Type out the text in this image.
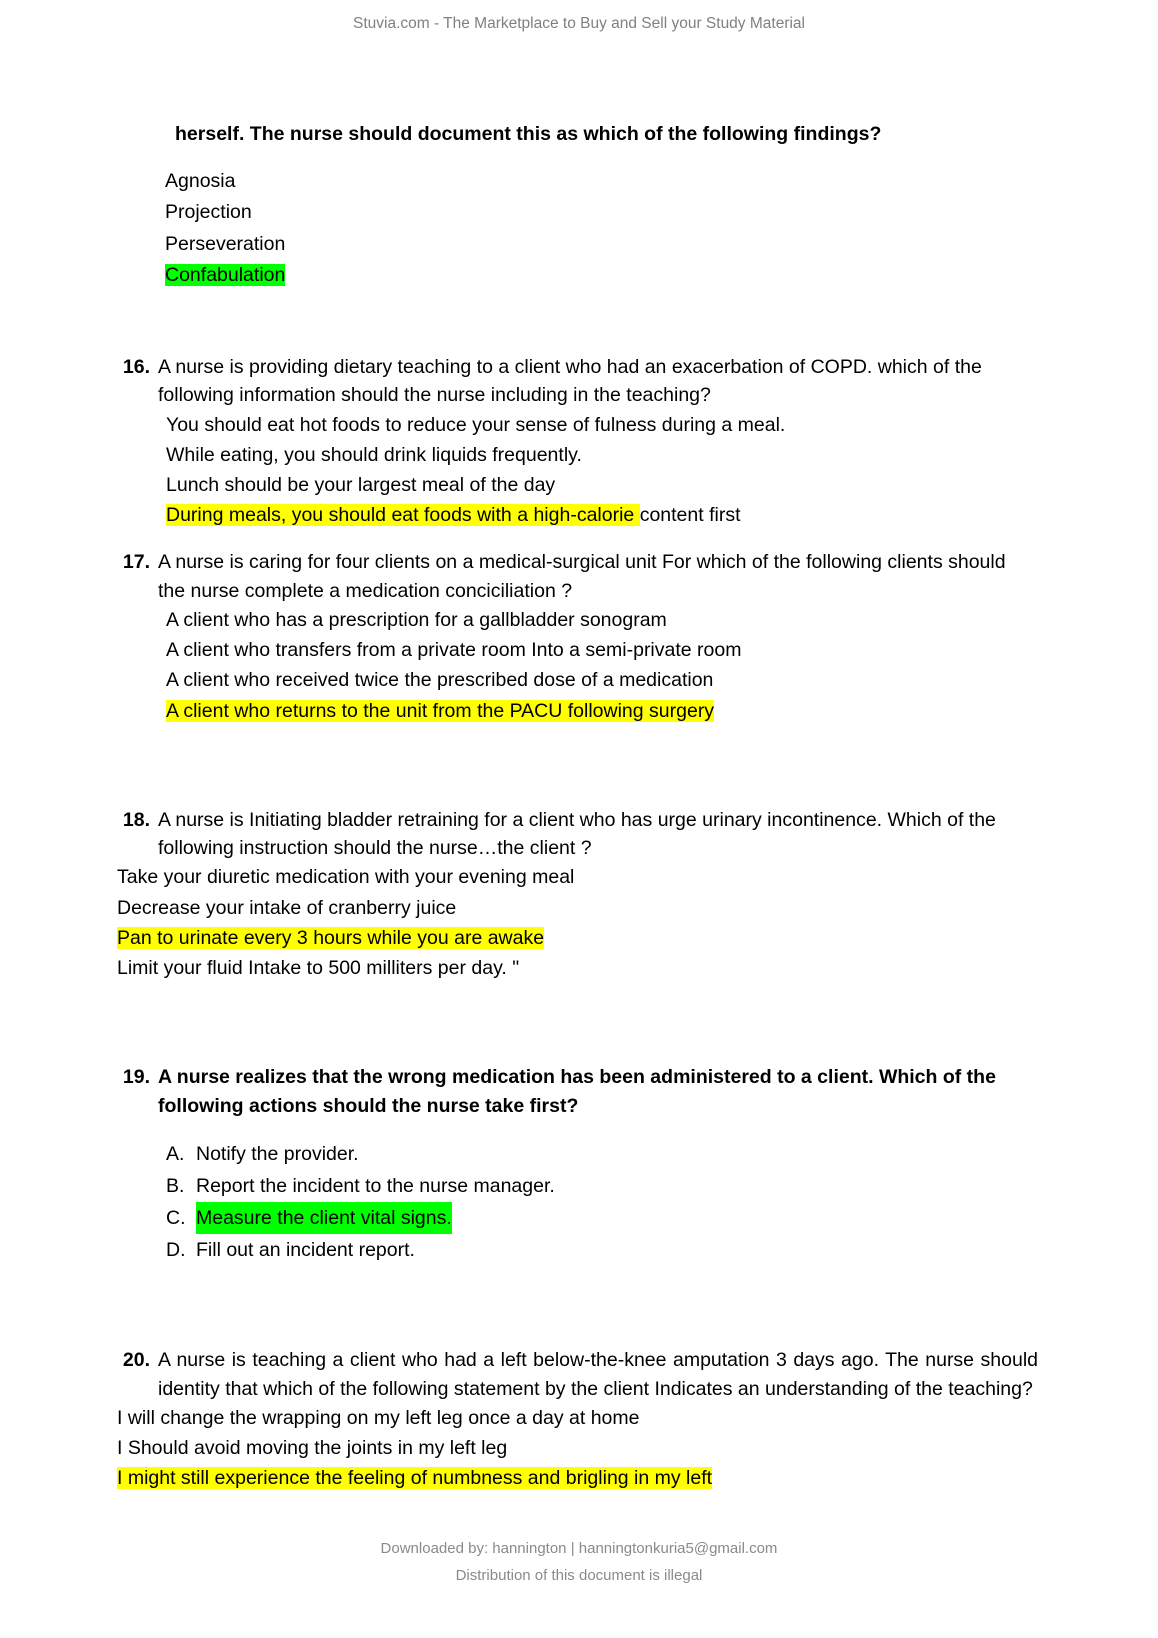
Stuvia.com - The Marketplace to Buy and Sell your Study Material
herself. The nurse should document this as which of the following findings?
Agnosia
Projection
Perseveration
Confabulation
16. A nurse is providing dietary teaching to a client who had an exacerbation of COPD. which of the following information should the nurse including in the teaching?
You should eat hot foods to reduce your sense of fulness during a meal.
While eating, you should drink liquids frequently.
Lunch should be your largest meal of the day
During meals, you should eat foods with a high-calorie content first
17. A nurse is caring for four clients on a medical-surgical unit For which of the following clients should the nurse complete a medication conciciliation ?
A client who has a prescription for a gallbladder sonogram
A client who transfers from a private room Into a semi-private room
A client who received twice the prescribed dose of a medication
A client who returns to the unit from the PACU following surgery
18. A nurse is Initiating bladder retraining for a client who has urge urinary incontinence. Which of the following instruction should the nurse…the client ?
Take your diuretic medication with your evening meal
Decrease your intake of cranberry juice
Pan to urinate every 3 hours while you are awake
Limit your fluid Intake to 500 milliters per day. "
19. A nurse realizes that the wrong medication has been administered to a client. Which of the following actions should the nurse take first?
A. Notify the provider.
B. Report the incident to the nurse manager.
C. Measure the client vital signs.
D. Fill out an incident report.
20. A nurse is teaching a client who had a left below-the-knee amputation 3 days ago. The nurse should identity that which of the following statement by the client Indicates an understanding of the teaching?
I will change the wrapping on my left leg once a day at home
I Should avoid moving the joints in my left leg
I might still experience the feeling of numbness and brigling in my left
Downloaded by: hannington | hanningtonkuria5@gmail.com
Distribution of this document is illegal
